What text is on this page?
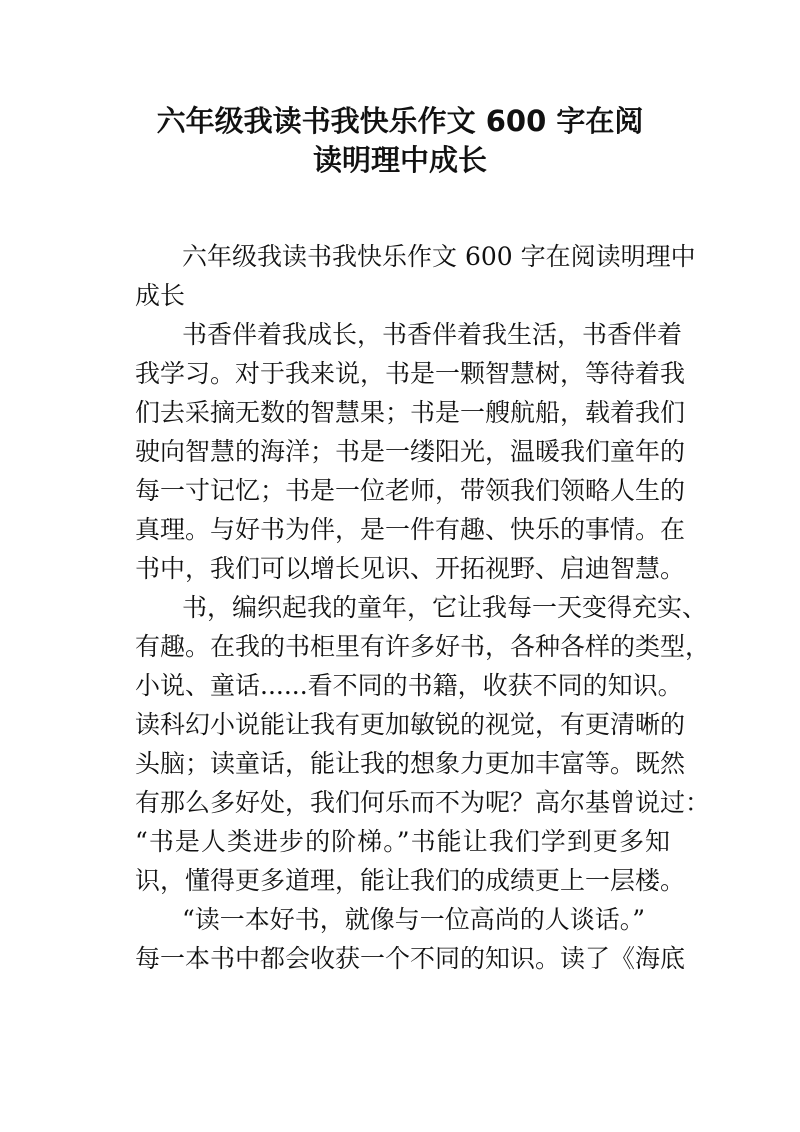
六年级我读书我快乐作文 600 字在阅
读明理中成长

六年级我读书我快乐作文 600 字在阅读明理中
成长

书香伴着我成长，书香伴着我生活，书香伴着
我学习。对于我来说，书是一颗智慧树，等待着我
们去采摘无数的智慧果；书是一艘航船，载着我们
驶向智慧的海洋；书是一缕阳光，温暖我们童年的
每一寸记忆；书是一位老师，带领我们领略人生的
真理。与好书为伴，是一件有趣、快乐的事情。在
书中，我们可以增长见识、开拓视野、启迪智慧。

书，编织起我的童年，它让我每一天变得充实、
有趣。在我的书柜里有许多好书，各种各样的类型，
小说、童话......看不同的书籍，收获不同的知识。
读科幻小说能让我有更加敏锐的视觉，有更清晰的
头脑；读童话，能让我的想象力更加丰富等。既然
有那么多好处，我们何乐而不为呢？高尔基曾说过：
“书是人类进步的阶梯。”书能让我们学到更多知
识，懂得更多道理，能让我们的成绩更上一层楼。

“读一本好书，就像与一位高尚的人谈话。”
每一本书中都会收获一个不同的知识。读了《海底
